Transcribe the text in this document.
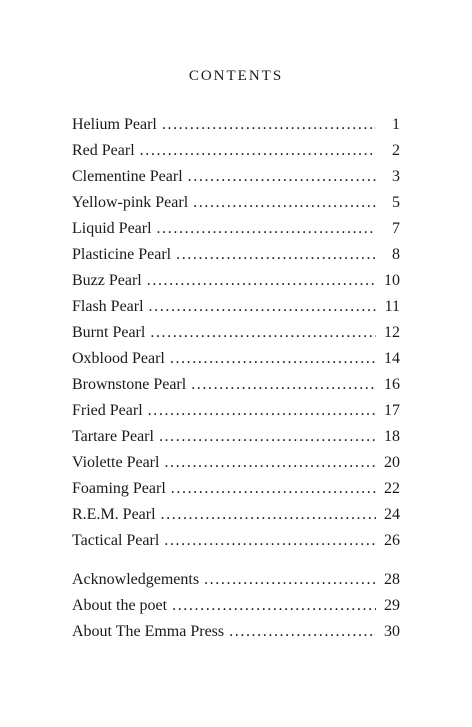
CONTENTS
Helium Pearl . . .	1
Red Pearl . . .	2
Clementine Pearl . . .	3
Yellow-pink Pearl . . .	5
Liquid Pearl . . .	7
Plasticine Pearl . . .	8
Buzz Pearl . . .	10
Flash Pearl . . .	11
Burnt Pearl . . .	12
Oxblood Pearl . . .	14
Brownstone Pearl . . .	16
Fried Pearl . . .	17
Tartare Pearl . . .	18
Violette Pearl . . .	20
Foaming Pearl . . .	22
R.E.M. Pearl . . .	24
Tactical Pearl . . .	26
Acknowledgements . . .	28
About the poet . . .	29
About The Emma Press . . .	30
